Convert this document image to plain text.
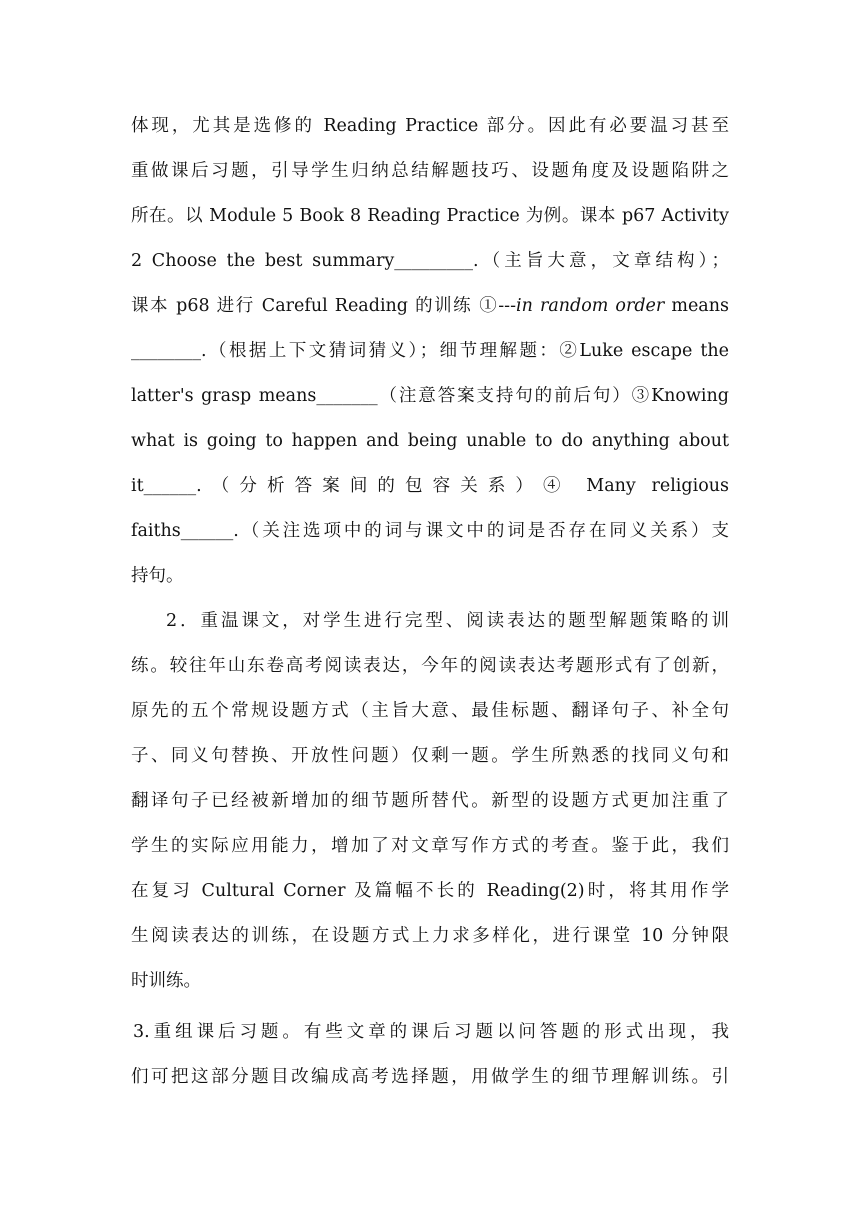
体现，尤其是选修的 Reading Practice 部分。因此有必要温习甚至
重做课后习题，引导学生归纳总结解题技巧、设题角度及设题陷阱之
所在。以 Module 5 Book 8 Reading Practice 为例。课本 p67 Activity
2 Choose the best summary_________.（主旨大意，文章结构）；
课本 p68 进行 Careful Reading 的训练 ①---in random order means
________.（根据上下文猜词猜义）；细节理解题：②Luke escape the
latter's grasp means_______（注意答案支持句的前后句）③Knowing
what is going to happen and being unable to do anything about
it______.（分析答案间的包容关系）④ Many religious
faiths______.（关注选项中的词与课文中的词是否存在同义关系）支
持句。
2．重温课文，对学生进行完型、阅读表达的题型解题策略的训
练。较往年山东卷高考阅读表达，今年的阅读表达考题形式有了创新，
原先的五个常规设题方式（主旨大意、最佳标题、翻译句子、补全句
子、同义句替换、开放性问题）仅剩一题。学生所熟悉的找同义句和
翻译句子已经被新增加的细节题所替代。新型的设题方式更加注重了
学生的实际应用能力，增加了对文章写作方式的考查。鉴于此，我们
在复习 Cultural Corner 及篇幅不长的 Reading(2)时，将其用作学
生阅读表达的训练，在设题方式上力求多样化，进行课堂 10 分钟限
时训练。
3.重组课后习题。有些文章的课后习题以问答题的形式出现，我
们可把这部分题目改编成高考选择题，用做学生的细节理解训练。引
